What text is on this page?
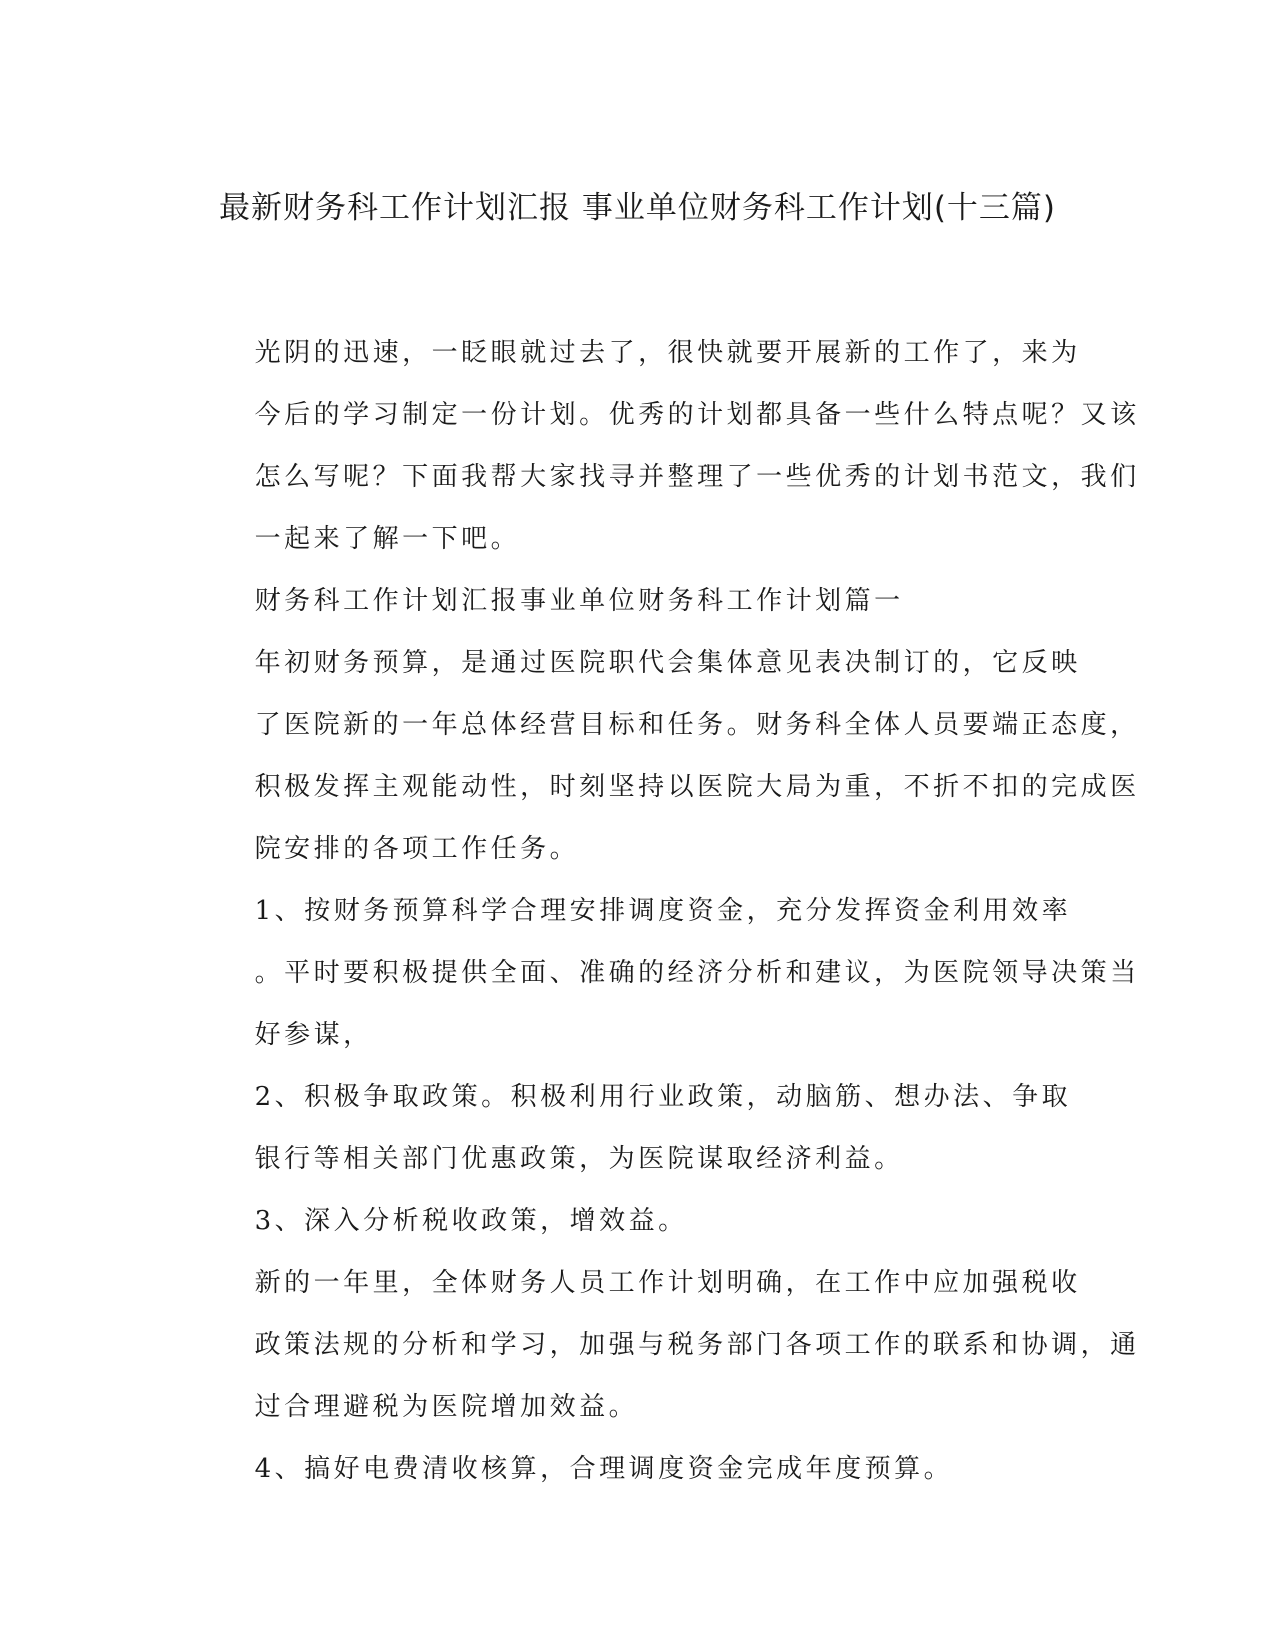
最新财务科工作计划汇报 事业单位财务科工作计划(十三篇)

光阴的迅速，一眨眼就过去了，很快就要开展新的工作了，来为
今后的学习制定一份计划。优秀的计划都具备一些什么特点呢？又该
怎么写呢？下面我帮大家找寻并整理了一些优秀的计划书范文，我们
一起来了解一下吧。

财务科工作计划汇报事业单位财务科工作计划篇一

年初财务预算，是通过医院职代会集体意见表决制订的，它反映
了医院新的一年总体经营目标和任务。财务科全体人员要端正态度，
积极发挥主观能动性，时刻坚持以医院大局为重，不折不扣的完成医
院安排的各项工作任务。

1、按财务预算科学合理安排调度资金，充分发挥资金利用效率
。平时要积极提供全面、准确的经济分析和建议，为医院领导决策当
好参谋，

2、积极争取政策。积极利用行业政策，动脑筋、想办法、争取
银行等相关部门优惠政策，为医院谋取经济利益。

3、深入分析税收政策，增效益。

新的一年里，全体财务人员工作计划明确，在工作中应加强税收
政策法规的分析和学习，加强与税务部门各项工作的联系和协调，通
过合理避税为医院增加效益。

4、搞好电费清收核算，合理调度资金完成年度预算。
